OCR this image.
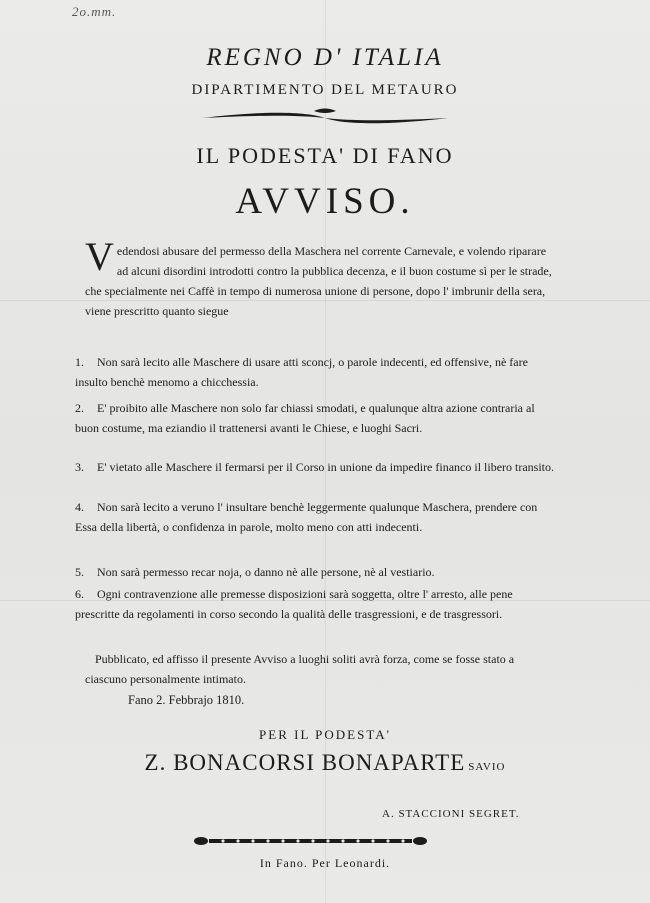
2o.mm.
REGNO D' ITALIA
DIPARTIMENTO DEL METAURO
IL PODESTA' DI FANO
AVVISO.
V edendosi abusare del permesso della Maschera nel corrente Carnevale, e volendo riparare ad alcuni disordini introdotti contro la pubblica decenza, e il buon costume sì per le strade, che specialmente nei Caffè in tempo di numerosa unione di persone, dopo l' imbrunir della sera, viene prescritto quanto siegue
1. Non sarà lecito alle Maschere di usare atti sconcj, o parole indecenti, ed offensive, nè fare insulto benchè menomo a chicchessia.
2. E' proibito alle Maschere non solo far chiassi smodati, e qualunque altra azione contraria al buon costume, ma eziandio il trattenersi avanti le Chiese, e luoghi Sacri.
3. E' vietato alle Maschere il fermarsi per il Corso in unione da impedire financo il libero transito.
4. Non sarà lecito a veruno l' insultare benchè leggermente qualunque Maschera, prendere con Essa della libertà, o confidenza in parole, molto meno con atti indecenti.
5. Non sarà permesso recar noja, o danno nè alle persone, nè al vestiario.
6. Ogni contravenzione alle premesse disposizioni sarà soggetta, oltre l' arresto, alle pene prescritte da regolamenti in corso secondo la qualità delle trasgressioni, e de trasgressori.
Pubblicato, ed affisso il presente Avviso a luoghi soliti avrà forza, come se fosse stato a ciascuno personalmente intimato.
Fano 2. Febbrajo 1810.
PER IL PODESTA'
Z. BONACORSI BONAPARTE SAVIO
A. STACCIONI SEGRET.
In Fano. Per Leonardi.
